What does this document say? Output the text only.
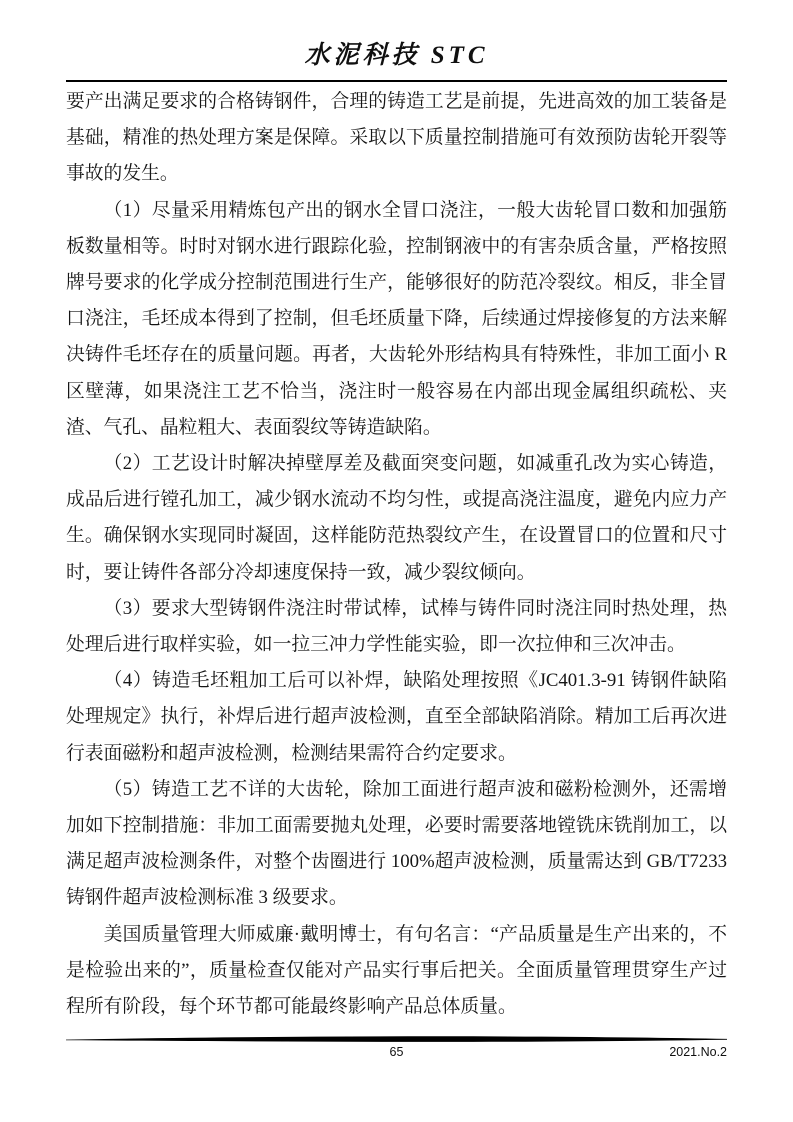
水泥科技 STC

要产出满足要求的合格铸钢件，合理的铸造工艺是前提，先进高效的加工装备是基础，精准的热处理方案是保障。采取以下质量控制措施可有效预防齿轮开裂等事故的发生。

（1）尽量采用精炼包产出的钢水全冒口浇注，一般大齿轮冒口数和加强筋板数量相等。时时对钢水进行跟踪化验，控制钢液中的有害杂质含量，严格按照牌号要求的化学成分控制范围进行生产，能够很好的防范冷裂纹。相反，非全冒口浇注，毛坯成本得到了控制，但毛坯质量下降，后续通过焊接修复的方法来解决铸件毛坯存在的质量问题。再者，大齿轮外形结构具有特殊性，非加工面小 R 区壁薄，如果浇注工艺不恰当，浇注时一般容易在内部出现金属组织疏松、夹渣、气孔、晶粒粗大、表面裂纹等铸造缺陷。

（2）工艺设计时解决掉壁厚差及截面突变问题，如减重孔改为实心铸造，成品后进行镗孔加工，减少钢水流动不均匀性，或提高浇注温度，避免内应力产生。确保钢水实现同时凝固，这样能防范热裂纹产生，在设置冒口的位置和尺寸时，要让铸件各部分冷却速度保持一致，减少裂纹倾向。

（3）要求大型铸钢件浇注时带试棒，试棒与铸件同时浇注同时热处理，热处理后进行取样实验，如一拉三冲力学性能实验，即一次拉伸和三次冲击。

（4）铸造毛坯粗加工后可以补焊，缺陷处理按照《JC401.3-91 铸钢件缺陷处理规定》执行，补焊后进行超声波检测，直至全部缺陷消除。精加工后再次进行表面磁粉和超声波检测，检测结果需符合约定要求。

（5）铸造工艺不详的大齿轮，除加工面进行超声波和磁粉检测外，还需增加如下控制措施：非加工面需要抛丸处理，必要时需要落地镗铣床铣削加工，以满足超声波检测条件，对整个齿圈进行 100%超声波检测，质量需达到 GB/T7233 铸钢件超声波检测标准 3 级要求。

美国质量管理大师威廉·戴明博士，有句名言：“产品质量是生产出来的，不是检验出来的”，质量检查仅能对产品实行事后把关。全面质量管理贯穿生产过程所有阶段，每个环节都可能最终影响产品总体质量。

65	2021.No.2
